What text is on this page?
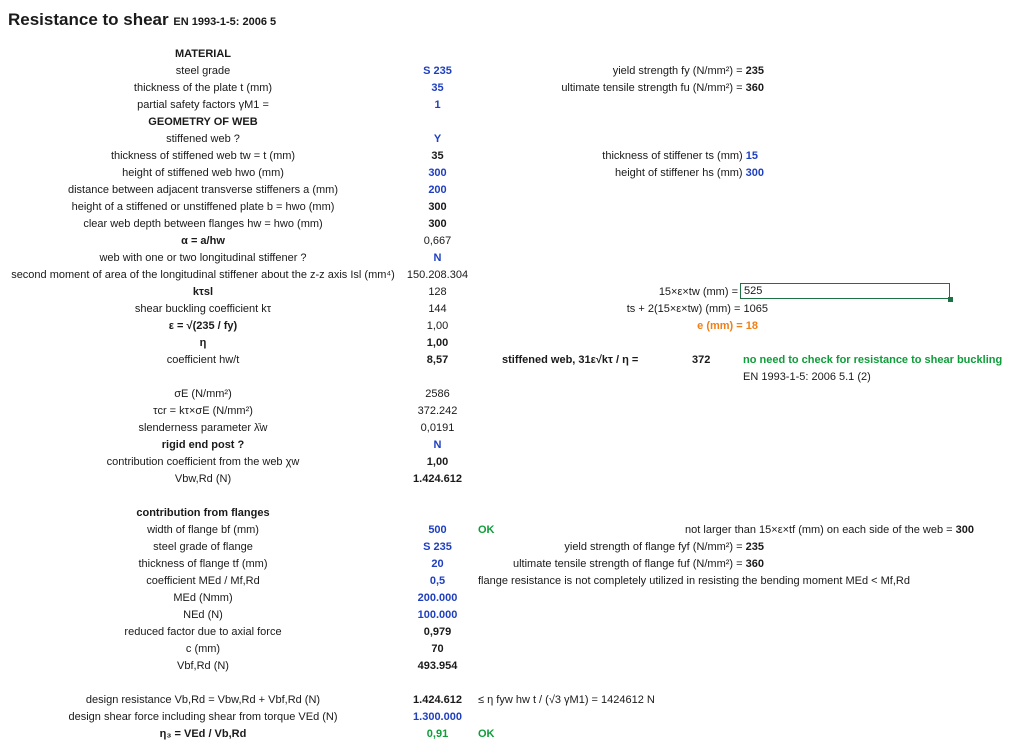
Resistance to shear EN 1993-1-5: 2006 5
MATERIAL
steel grade	S 235
thickness of the plate t (mm)	35
partial safety factors γM1 =	1
GEOMETRY OF WEB
stiffened web ?	Y
thickness of stiffened web tw = t (mm)	35
height of stiffened web hwo (mm)	300
distance between adjacent transverse stiffeners a (mm)	200
height of a stiffened or unstiffened plate b = hwo (mm)	300
clear web depth between flanges hw = hwo (mm)	300
α = a/hw	0,667
web with one or two longitudinal stiffener ?	N
second moment of area of the longitudinal stiffener about the z-z axis Isl (mm⁴)	150.208.304
kτsl	128
shear buckling coefficient kτ	144
ε = √(235 / fy)	1,00
η	1,00
coefficient hw/t	8,57
σE (N/mm²)	2586
τcr = kτ×σE (N/mm²)	372.242
slenderness parameter λ̄w	0,0191
rigid end post ?	N
contribution coefficient from the web χw	1,00
Vbw,Rd (N)	1.424.612
contribution from flanges
width of flange bf (mm)	500
steel grade of flange	S 235
thickness of flange tf (mm)	20
coefficient MEd / Mf,Rd	0,5
MEd (Nmm)	200.000
NEd (N)	100.000
reduced factor due to axial force	0,979
c (mm)	70
Vbf,Rd (N)	493.954
design resistance Vb,Rd = Vbw,Rd + Vbf,Rd (N)	1.424.612
design shear force including shear from torque VEd (N)	1.300.000
η₃ = VEd / Vb,Rd	0,91
yield strength fy (N/mm²) = 235
ultimate tensile strength fu (N/mm²) = 360
thickness of stiffener ts (mm) 15
height of stiffener hs (mm) 300
15×ε×tw (mm) = 525
ts + 2(15×ε×tw) (mm) = 1065
e (mm) = 18
stiffened web, 31ε√kτ / η =	372	no need to check for resistance to shear buckling
EN 1993-1-5: 2006 5.1 (2)
OK	not larger than 15×ε×tf (mm) on each side of the web = 300
yield strength of flange fyf (N/mm²) = 235
ultimate tensile strength of flange fuf (N/mm²) = 360
flange resistance is not completely utilized in resisting the bending moment MEd < Mf,Rd
≤ η fyw hw t / (√3 γM1) = 1424612 N
OK
